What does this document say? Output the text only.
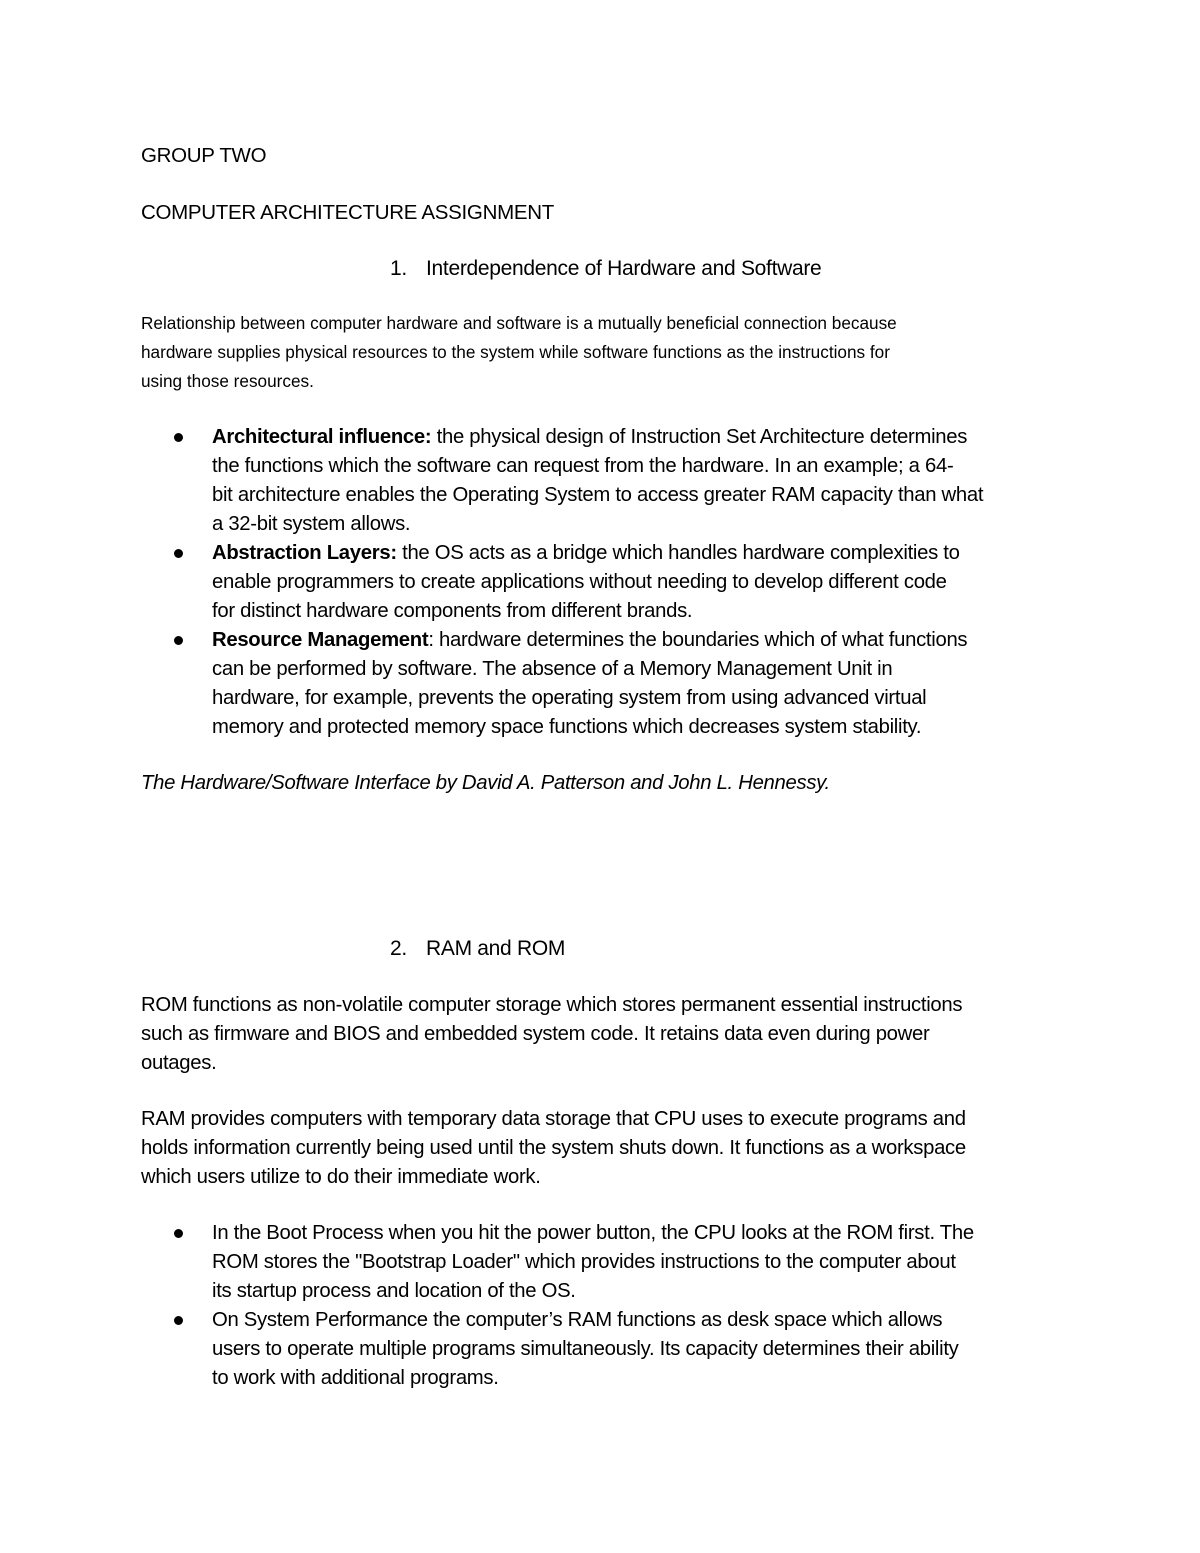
GROUP TWO

COMPUTER ARCHITECTURE ASSIGNMENT

1. Interdependence of Hardware and Software

Relationship between computer hardware and software is a mutually beneficial connection because
hardware supplies physical resources to the system while software functions as the instructions for
using those resources.
Architectural influence: the physical design of Instruction Set Architecture determines
the functions which the software can request from the hardware. In an example; a 64-
bit architecture enables the Operating System to access greater RAM capacity than what
a 32-bit system allows.
Abstraction Layers: the OS acts as a bridge which handles hardware complexities to
enable programmers to create applications without needing to develop different code
for distinct hardware components from different brands.
Resource Management: hardware determines the boundaries which of what functions
can be performed by software. The absence of a Memory Management Unit in
hardware, for example, prevents the operating system from using advanced virtual
memory and protected memory space functions which decreases system stability.

The Hardware/Software Interface by David A. Patterson and John L. Hennessy.

2. RAM and ROM

ROM functions as non-volatile computer storage which stores permanent essential instructions
such as firmware and BIOS and embedded system code. It retains data even during power
outages.
RAM provides computers with temporary data storage that CPU uses to execute programs and
holds information currently being used until the system shuts down. It functions as a workspace
which users utilize to do their immediate work.
In the Boot Process when you hit the power button, the CPU looks at the ROM first. The
ROM stores the "Bootstrap Loader" which provides instructions to the computer about
its startup process and location of the OS.
On System Performance the computer’s RAM functions as desk space which allows
users to operate multiple programs simultaneously. Its capacity determines their ability
to work with additional programs.
